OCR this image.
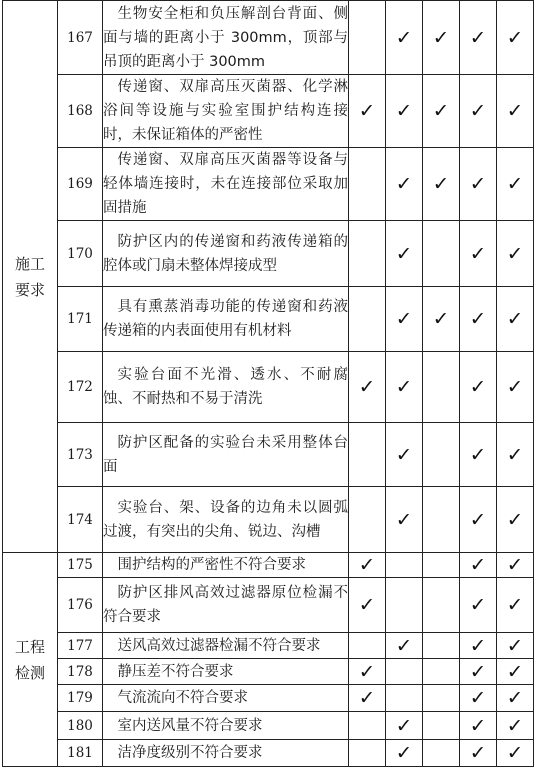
施工
要求	167	生物安全柜和负压解剖台背面、侧面与墙的距离小于 300mm，顶部与吊顶的距离小于 300mm		✓	✓	✓	✓
	168	传递窗、双扉高压灭菌器、化学淋浴间等设施与实验室围护结构连接时，未保证箱体的严密性	✓	✓	✓	✓	✓
	169	传递窗、双扉高压灭菌器等设备与轻体墙连接时，未在连接部位采取加固措施		✓	✓	✓	✓
	170	防护区内的传递窗和药液传递箱的腔体或门扇未整体焊接成型		✓		✓	✓
	171	具有熏蒸消毒功能的传递窗和药液传递箱的内表面使用有机材料		✓	✓	✓	✓
	172	实验台面不光滑、透水、不耐腐蚀、不耐热和不易于清洗	✓	✓		✓	✓
	173	防护区配备的实验台未采用整体台面		✓		✓	✓
	174	实验台、架、设备的边角未以圆弧过渡，有突出的尖角、锐边、沟槽		✓		✓	✓
工程
检测	175	围护结构的严密性不符合要求	✓			✓	✓
	176	防护区排风高效过滤器原位检漏不符合要求	✓			✓	✓
	177	送风高效过滤器检漏不符合要求		✓		✓	✓
	178	静压差不符合要求	✓			✓	✓
	179	气流流向不符合要求	✓			✓	✓
	180	室内送风量不符合要求		✓		✓	✓
	181	洁净度级别不符合要求		✓		✓	✓
